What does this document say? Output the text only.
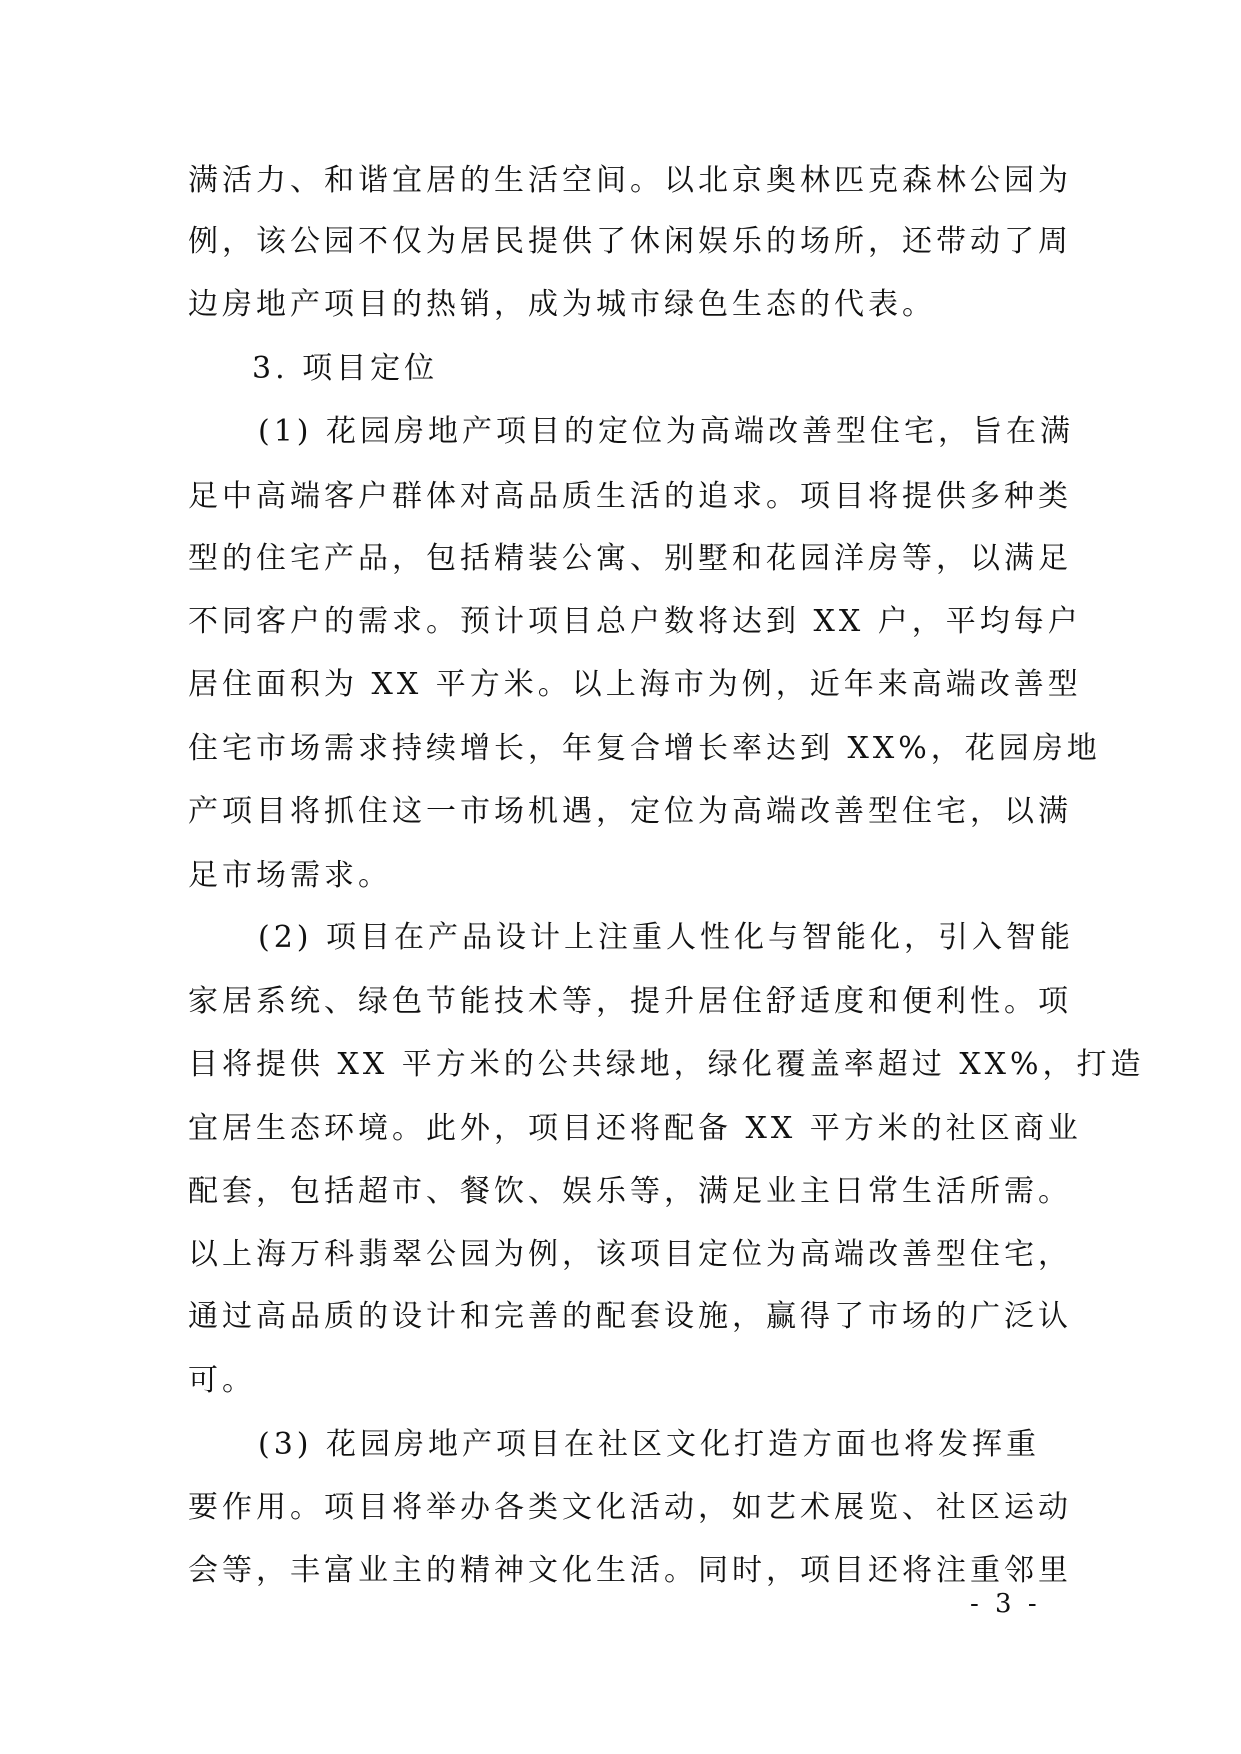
满活力、和谐宜居的生活空间。以北京奥林匹克森林公园为
例，该公园不仅为居民提供了休闲娱乐的场所，还带动了周
边房地产项目的热销，成为城市绿色生态的代表。
3. 项目定位
(1) 花园房地产项目的定位为高端改善型住宅，旨在满
足中高端客户群体对高品质生活的追求。项目将提供多种类
型的住宅产品，包括精装公寓、别墅和花园洋房等，以满足
不同客户的需求。预计项目总户数将达到 XX 户，平均每户
居住面积为 XX 平方米。以上海市为例，近年来高端改善型
住宅市场需求持续增长，年复合增长率达到 XX%，花园房地
产项目将抓住这一市场机遇，定位为高端改善型住宅，以满
足市场需求。
(2) 项目在产品设计上注重人性化与智能化，引入智能
家居系统、绿色节能技术等，提升居住舒适度和便利性。项
目将提供 XX 平方米的公共绿地，绿化覆盖率超过 XX%，打造
宜居生态环境。此外，项目还将配备 XX 平方米的社区商业
配套，包括超市、餐饮、娱乐等，满足业主日常生活所需。
以上海万科翡翠公园为例，该项目定位为高端改善型住宅，
通过高品质的设计和完善的配套设施，赢得了市场的广泛认
可。
(3) 花园房地产项目在社区文化打造方面也将发挥重
要作用。项目将举办各类文化活动，如艺术展览、社区运动
会等，丰富业主的精神文化生活。同时，项目还将注重邻里
- 3 -
